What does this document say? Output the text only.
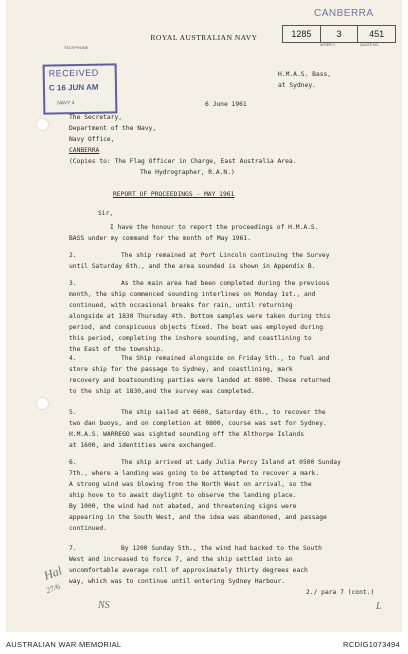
ROYAL AUSTRALIAN NAVY
TELEPHONE:
CANBERRA
1285	3	451
IN REPLY	QUOTE NO.
RECEIVED
C 16 JUN AM
NAVY 4
H.M.A.S. Bass,
at Sydney.
6 June 1961
The Secretary,
Department of the Navy,
Navy Office,
CANBERRA
(Copies to: The Flag Officer in Charge, East Australia Area.
The Hydrographer, R.A.N.)
REPORT OF PROCEEDINGS - MAY 1961
Sir,
I have the honour to report the proceedings of H.M.A.S.
BASS under my command for the month of May 1961.
2.	The ship remained at Port Lincoln continuing the Survey
until Saturday 6th., and the area sounded is shown in Appendix B.
3.	As the main area had been completed during the previous
month, the ship commenced sounding interlines on Monday 1st., and
continued, with occasional breaks for rain, until returning
alongside at 1830 Thursday 4th. Bottom samples were taken during this
period, and conspicuous objects fixed. The boat was employed during
this period, completing the inshore sounding, and coastlining to
the East of the township.
4.	The Ship remained alongside on Friday 5th., to fuel and
store ship for the passage to Sydney, and coastlining, mark
recovery and boatsounding parties were landed at 0800. These returned
to the ship at 1830,and the survey was completed.
5.	The ship sailed at 0600, Saturday 6th., to recover the
two dan buoys, and on completion at 0800, course was set for Sydney.
H.M.A.S. WARREGO was sighted sounding off the Althorpe Islands
at 1600, and identities were exchanged.
6.	The ship arrived at Lady Julia Percy Island at 0500 Sunday
7th., where a landing was going to be attempted to recover a mark.
A strong wind was blowing from the North West on arrival, so the
ship hove to to await daylight to observe the landing place.
By 1000, the wind had not abated, and threatening signs were
appearing in the South West, and the idea was abandoned, and passage
continued.
7.	By 1200 Sunday 5th., the wind had backed to the South
West and increased to force 7, and the ship settled into an
uncomfortable average roll of approximately thirty degrees each
way, which was to continue until entering Sydney Harbour.
2./ para 7 (cont.)
Hal
27/6
NS	L
AUSTRALIAN WAR MEMORIAL	RCDIG1073494
